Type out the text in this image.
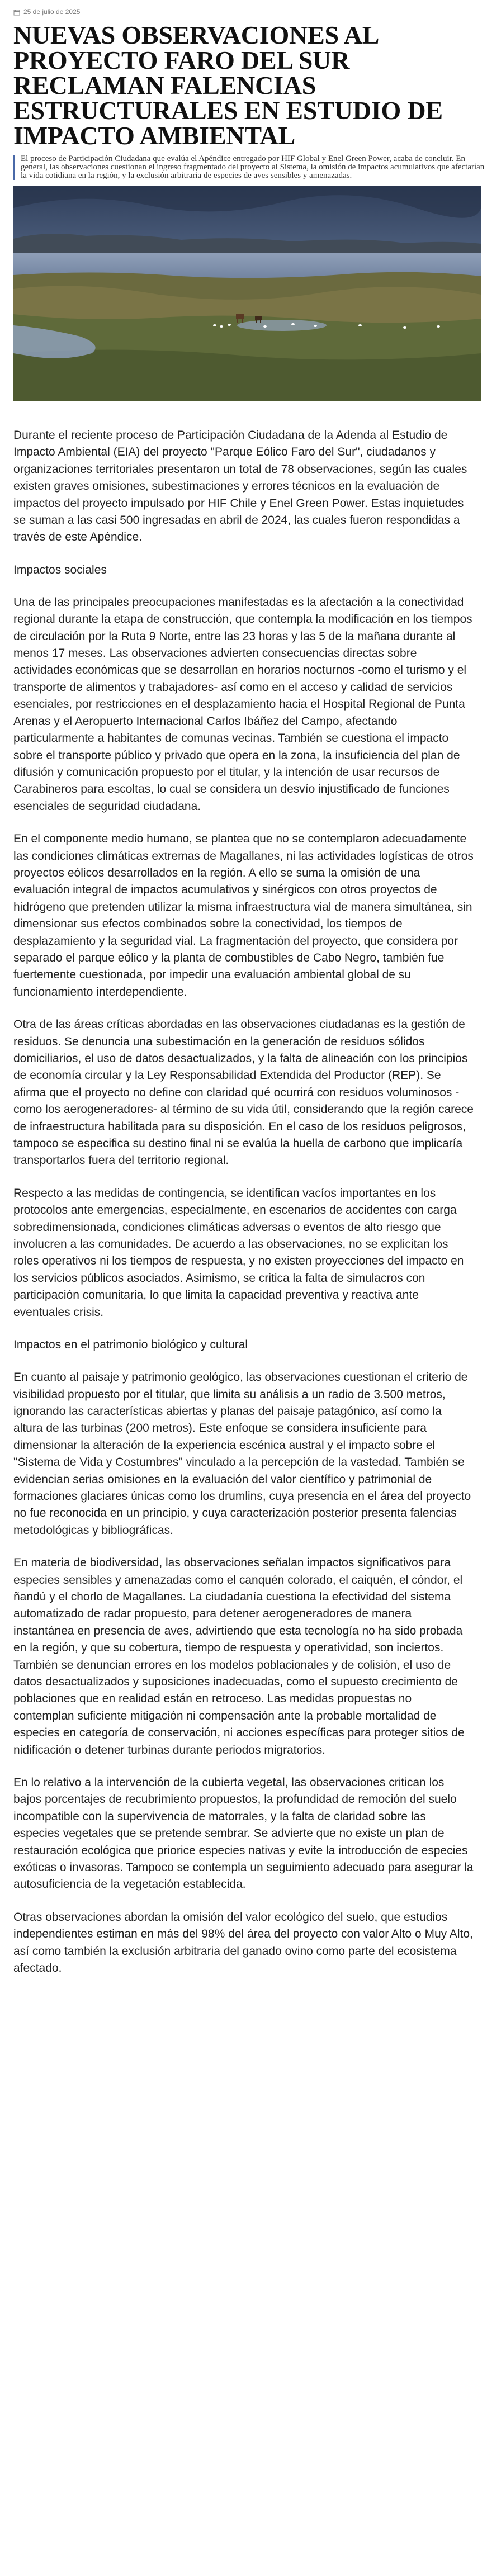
25 de julio de 2025
NUEVAS OBSERVACIONES AL PROYECTO FARO DEL SUR RECLAMAN FALENCIAS ESTRUCTURALES EN ESTUDIO DE IMPACTO AMBIENTAL

El proceso de Participación Ciudadana que evalúa el Apéndice entregado por HIF Global y Enel Green Power, acaba de concluir. En general, las observaciones cuestionan el ingreso fragmentado del proyecto al Sistema, la omisión de impactos acumulativos que afectarían la vida cotidiana en la región, y la exclusión arbitraria de especies de aves sensibles y amenazadas.

Durante el reciente proceso de Participación Ciudadana de la Adenda al Estudio de Impacto Ambiental (EIA) del proyecto "Parque Eólico Faro del Sur", ciudadanos y organizaciones territoriales presentaron un total de 78 observaciones, según las cuales existen graves omisiones, subestimaciones y errores técnicos en la evaluación de impactos del proyecto impulsado por HIF Chile y Enel Green Power. Estas inquietudes se suman a las casi 500 ingresadas en abril de 2024, las cuales fueron respondidas a través de este Apéndice.

Impactos sociales

Una de las principales preocupaciones manifestadas es la afectación a la conectividad regional durante la etapa de construcción, que contempla la modificación en los tiempos de circulación por la Ruta 9 Norte, entre las 23 horas y las 5 de la mañana durante al menos 17 meses. Las observaciones advierten consecuencias directas sobre actividades económicas que se desarrollan en horarios nocturnos -como el turismo y el transporte de alimentos y trabajadores- así como en el acceso y calidad de servicios esenciales, por restricciones en el desplazamiento hacia el Hospital Regional de Punta Arenas y el Aeropuerto Internacional Carlos Ibáñez del Campo, afectando particularmente a habitantes de comunas vecinas. También se cuestiona el impacto sobre el transporte público y privado que opera en la zona, la insuficiencia del plan de difusión y comunicación propuesto por el titular, y la intención de usar recursos de Carabineros para escoltas, lo cual se considera un desvío injustificado de funciones esenciales de seguridad ciudadana.

En el componente medio humano, se plantea que no se contemplaron adecuadamente las condiciones climáticas extremas de Magallanes, ni las actividades logísticas de otros proyectos eólicos desarrollados en la región. A ello se suma la omisión de una evaluación integral de impactos acumulativos y sinérgicos con otros proyectos de hidrógeno que pretenden utilizar la misma infraestructura vial de manera simultánea, sin dimensionar sus efectos combinados sobre la conectividad, los tiempos de desplazamiento y la seguridad vial. La fragmentación del proyecto, que considera por separado el parque eólico y la planta de combustibles de Cabo Negro, también fue fuertemente cuestionada, por impedir una evaluación ambiental global de su funcionamiento interdependiente.

Otra de las áreas críticas abordadas en las observaciones ciudadanas es la gestión de residuos. Se denuncia una subestimación en la generación de residuos sólidos domiciliarios, el uso de datos desactualizados, y la falta de alineación con los principios de economía circular y la Ley Responsabilidad Extendida del Productor (REP). Se afirma que el proyecto no define con claridad qué ocurrirá con residuos voluminosos -como los aerogeneradores- al término de su vida útil, considerando que la región carece de infraestructura habilitada para su disposición. En el caso de los residuos peligrosos, tampoco se especifica su destino final ni se evalúa la huella de carbono que implicaría transportarlos fuera del territorio regional.

Respecto a las medidas de contingencia, se identifican vacíos importantes en los protocolos ante emergencias, especialmente, en escenarios de accidentes con carga sobredimensionada, condiciones climáticas adversas o eventos de alto riesgo que involucren a las comunidades. De acuerdo a las observaciones, no se explicitan los roles operativos ni los tiempos de respuesta, y no existen proyecciones del impacto en los servicios públicos asociados. Asimismo, se critica la falta de simulacros con participación comunitaria, lo que limita la capacidad preventiva y reactiva ante eventuales crisis.

Impactos en el patrimonio biológico y cultural

En cuanto al paisaje y patrimonio geológico, las observaciones cuestionan el criterio de visibilidad propuesto por el titular, que limita su análisis a un radio de 3.500 metros, ignorando las características abiertas y planas del paisaje patagónico, así como la altura de las turbinas (200 metros). Este enfoque se considera insuficiente para dimensionar la alteración de la experiencia escénica austral y el impacto sobre el "Sistema de Vida y Costumbres" vinculado a la percepción de la vastedad. También se evidencian serias omisiones en la evaluación del valor científico y patrimonial de formaciones glaciares únicas como los drumlins, cuya presencia en el área del proyecto no fue reconocida en un principio, y cuya caracterización posterior presenta falencias metodológicas y bibliográficas.

En materia de biodiversidad, las observaciones señalan impactos significativos para especies sensibles y amenazadas como el canquén colorado, el caiquén, el cóndor, el ñandú y el chorlo de Magallanes. La ciudadanía cuestiona la efectividad del sistema automatizado de radar propuesto, para detener aerogeneradores de manera instantánea en presencia de aves, advirtiendo que esta tecnología no ha sido probada en la región, y que su cobertura, tiempo de respuesta y operatividad, son inciertos. También se denuncian errores en los modelos poblacionales y de colisión, el uso de datos desactualizados y suposiciones inadecuadas, como el supuesto crecimiento de poblaciones que en realidad están en retroceso. Las medidas propuestas no contemplan suficiente mitigación ni compensación ante la probable mortalidad de especies en categoría de conservación, ni acciones específicas para proteger sitios de nidificación o detener turbinas durante periodos migratorios.

En lo relativo a la intervención de la cubierta vegetal, las observaciones critican los bajos porcentajes de recubrimiento propuestos, la profundidad de remoción del suelo incompatible con la supervivencia de matorrales, y la falta de claridad sobre las especies vegetales que se pretende sembrar. Se advierte que no existe un plan de restauración ecológica que priorice especies nativas y evite la introducción de especies exóticas o invasoras. Tampoco se contempla un seguimiento adecuado para asegurar la autosuficiencia de la vegetación establecida.

Otras observaciones abordan la omisión del valor ecológico del suelo, que estudios independientes estiman en más del 98% del área del proyecto con valor Alto o Muy Alto, así como también la exclusión arbitraria del ganado ovino como parte del ecosistema afectado.
